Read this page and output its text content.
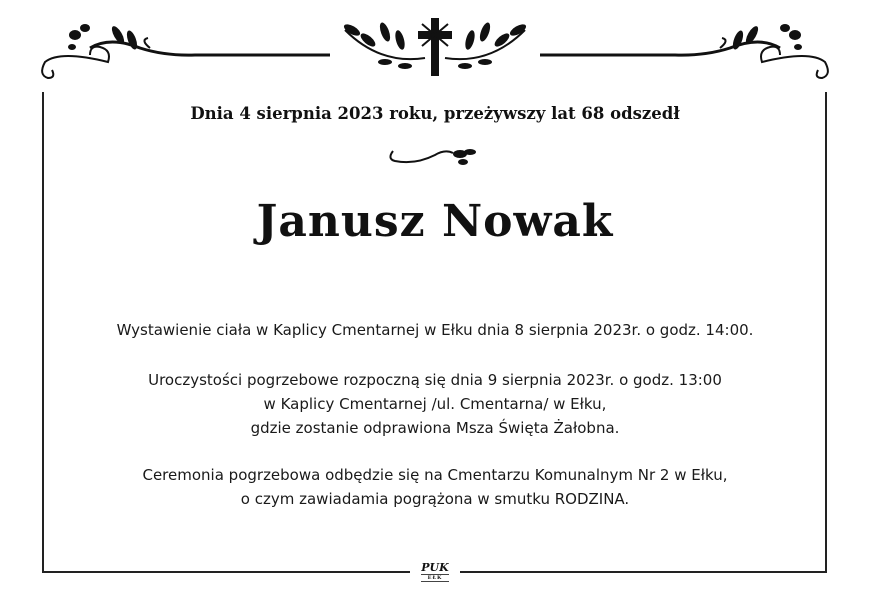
Dnia 4 sierpnia 2023 roku, przeżywszy lat 68 odszedł
Janusz Nowak
Wystawienie ciała w Kaplicy Cmentarnej w Ełku dnia 8 sierpnia 2023r. o godz. 14:00.
Uroczystości pogrzebowe rozpoczną się dnia 9 sierpnia 2023r. o godz. 13:00
w Kaplicy Cmentarnej /ul. Cmentarna/ w Ełku,
gdzie zostanie odprawiona Msza Święta Żałobna.
Ceremonia pogrzebowa odbędzie się na Cmentarzu Komunalnym Nr 2 w Ełku,
o czym zawiadamia pogrążona w smutku RODZINA.
PUK
EŁK
